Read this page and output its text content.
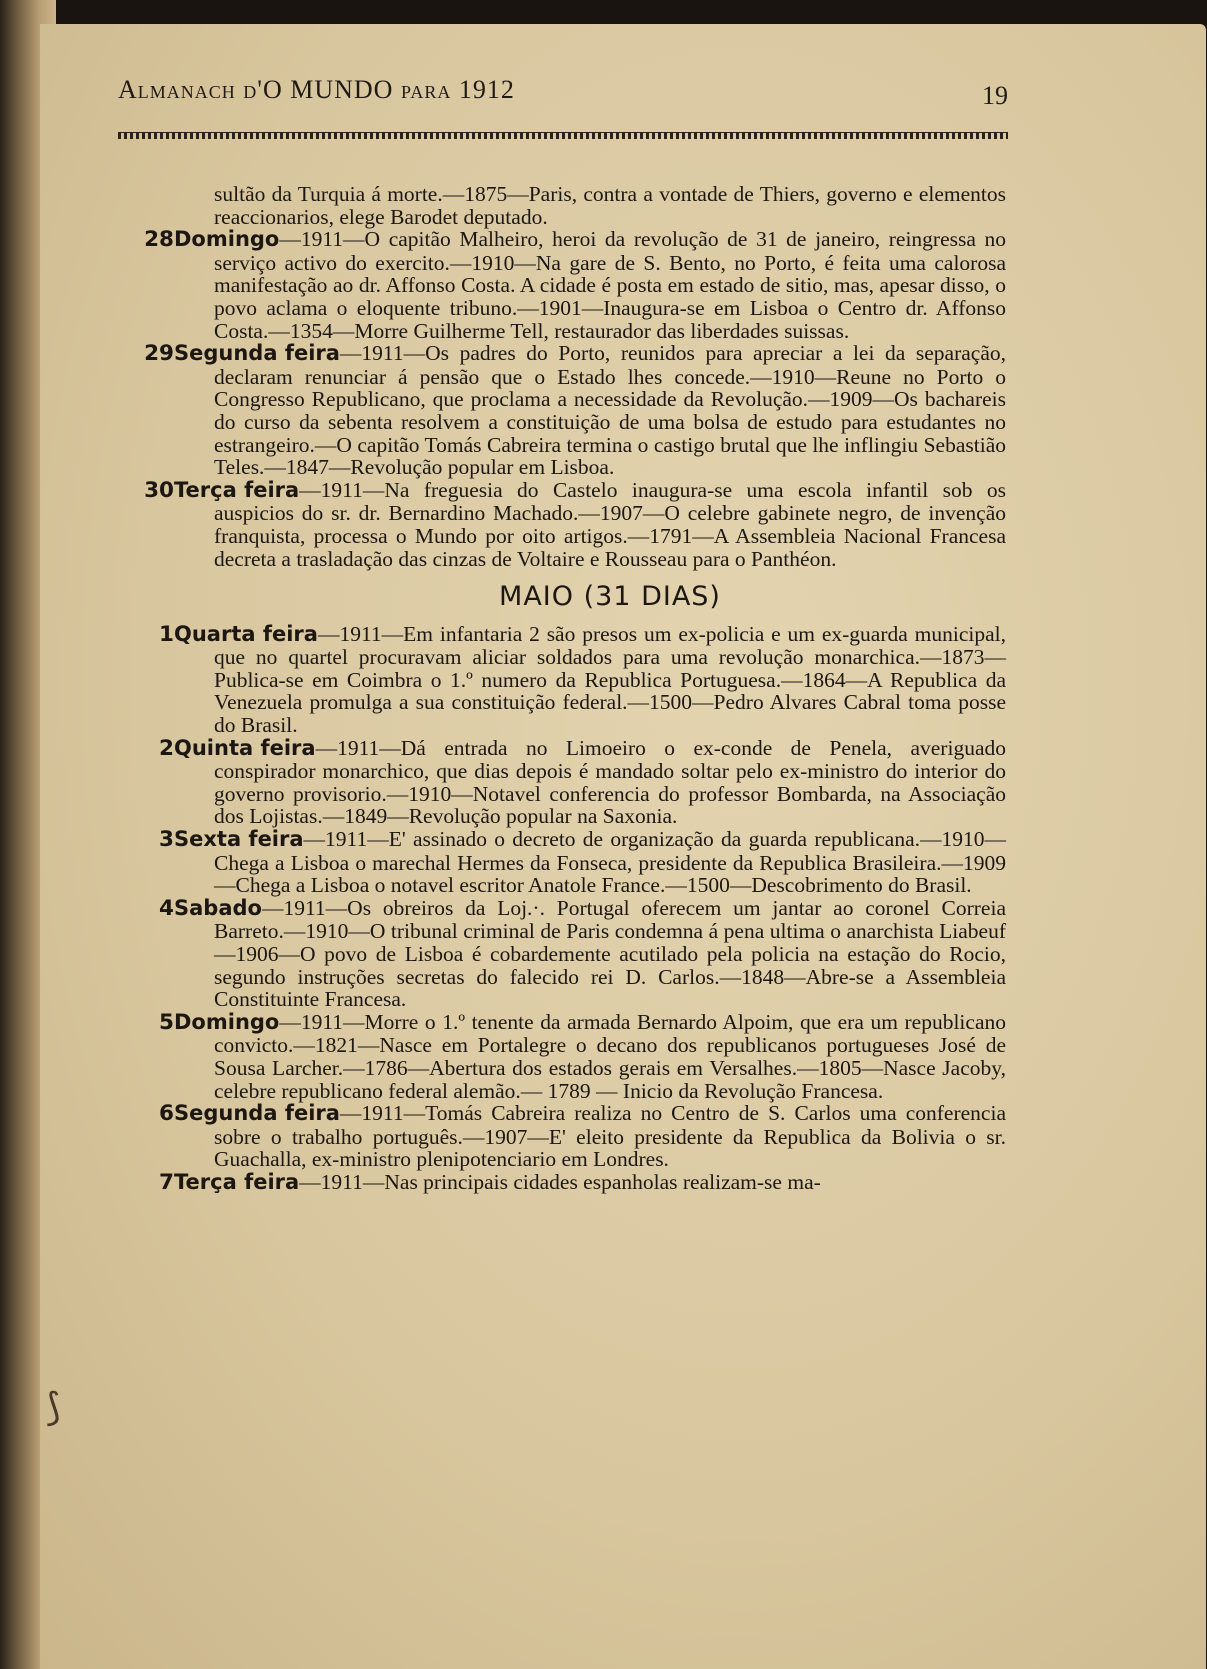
Almanach d'O MUNDO para 1912	19

sultão da Turquia á morte.—1875—Paris, contra a vontade de Thiers, governo e elementos reaccionarios, elege Barodet deputado.

28Domingo—1911—O capitão Malheiro, heroi da revolução de 31 de janeiro, reingressa no serviço activo do exercito.—1910—Na gare de S. Bento, no Porto, é feita uma calorosa manifestação ao dr. Affonso Costa. A cidade é posta em estado de sitio, mas, apesar disso, o povo aclama o eloquente tribuno.—1901—Inaugura-se em Lisboa o Centro dr. Affonso Costa.—1354—Morre Guilherme Tell, restaurador das liberdades suissas.

29Segunda feira—1911—Os padres do Porto, reunidos para apreciar a lei da separação, declaram renunciar á pensão que o Estado lhes concede.—1910—Reune no Porto o Congresso Republicano, que proclama a necessidade da Revolução.—1909—Os bachareis do curso da sebenta resolvem a constituição de uma bolsa de estudo para estudantes no estrangeiro.—O capitão Tomás Cabreira termina o castigo brutal que lhe inflingiu Sebastião Teles.—1847—Revolução popular em Lisboa.

30Terça feira—1911—Na freguesia do Castelo inaugura-se uma escola infantil sob os auspicios do sr. dr. Bernardino Machado.—1907—O celebre gabinete negro, de invenção franquista, processa o Mundo por oito artigos.—1791—A Assembleia Nacional Francesa decreta a trasladação das cinzas de Voltaire e Rousseau para o Panthéon.

MAIO (31 DIAS)

1Quarta feira—1911—Em infantaria 2 são presos um ex-policia e um ex-guarda municipal, que no quartel procuravam aliciar soldados para uma revolução monarchica.—1873—Publica-se em Coimbra o 1.º numero da Republica Portuguesa.—1864—A Republica da Venezuela promulga a sua constituição federal.—1500—Pedro Alvares Cabral toma posse do Brasil.

2Quinta feira—1911—Dá entrada no Limoeiro o ex-conde de Penela, averiguado conspirador monarchico, que dias depois é mandado soltar pelo ex-ministro do interior do governo provisorio.—1910—Notavel conferencia do professor Bombarda, na Associação dos Lojistas.—1849—Revolução popular na Saxonia.

3Sexta feira—1911—E' assinado o decreto de organização da guarda republicana.—1910—Chega a Lisboa o marechal Hermes da Fonseca, presidente da Republica Brasileira.—1909—Chega a Lisboa o notavel escritor Anatole France.—1500—Descobrimento do Brasil.

4Sabado—1911—Os obreiros da Loj.·. Portugal oferecem um jantar ao coronel Correia Barreto.—1910—O tribunal criminal de Paris condemna á pena ultima o anarchista Liabeuf—1906—O povo de Lisboa é cobardemente acutilado pela policia na estação do Rocio, segundo instruções secretas do falecido rei D. Carlos.—1848—Abre-se a Assembleia Constituinte Francesa.

5Domingo—1911—Morre o 1.º tenente da armada Bernardo Alpoim, que era um republicano convicto.—1821—Nasce em Portalegre o decano dos republicanos portugueses José de Sousa Larcher.—1786—Abertura dos estados gerais em Versalhes.—1805—Nasce Jacoby, celebre republicano federal alemão.— 1789 — Inicio da Revolução Francesa.

6Segunda feira—1911—Tomás Cabreira realiza no Centro de S. Carlos uma conferencia sobre o trabalho português.—1907—E' eleito presidente da Republica da Bolivia o sr. Guachalla, ex-ministro plenipotenciario em Londres.

7Terça feira—1911—Nas principais cidades espanholas realizam-se ma-

⟆
